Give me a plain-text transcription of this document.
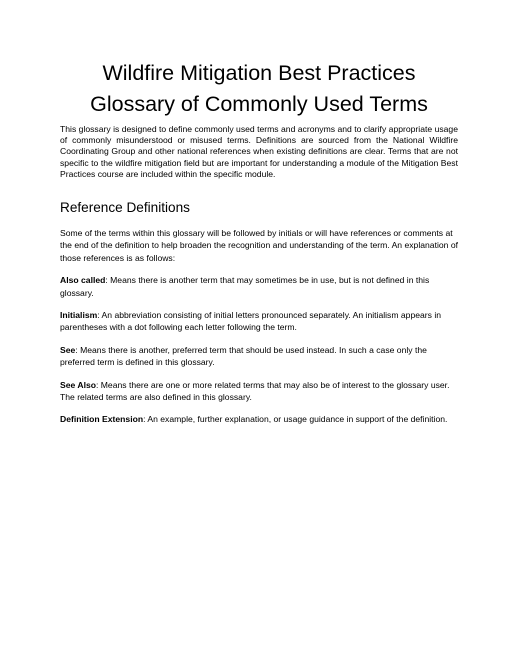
Wildfire Mitigation Best Practices
Glossary of Commonly Used Terms

This glossary is designed to define commonly used terms and acronyms and to clarify appropriate usage of commonly misunderstood or misused terms. Definitions are sourced from the National Wildfire Coordinating Group and other national references when existing definitions are clear. Terms that are not specific to the wildfire mitigation field but are important for understanding a module of the Mitigation Best Practices course are included within the specific module.

Reference Definitions

Some of the terms within this glossary will be followed by initials or will have references or comments at the end of the definition to help broaden the recognition and understanding of the term. An explanation of those references is as follows:

Also called: Means there is another term that may sometimes be in use, but is not defined in this glossary.

Initialism: An abbreviation consisting of initial letters pronounced separately. An initialism appears in parentheses with a dot following each letter following the term.

See: Means there is another, preferred term that should be used instead. In such a case only the preferred term is defined in this glossary.

See Also: Means there are one or more related terms that may also be of interest to the glossary user. The related terms are also defined in this glossary.

Definition Extension: An example, further explanation, or usage guidance in support of the definition.
